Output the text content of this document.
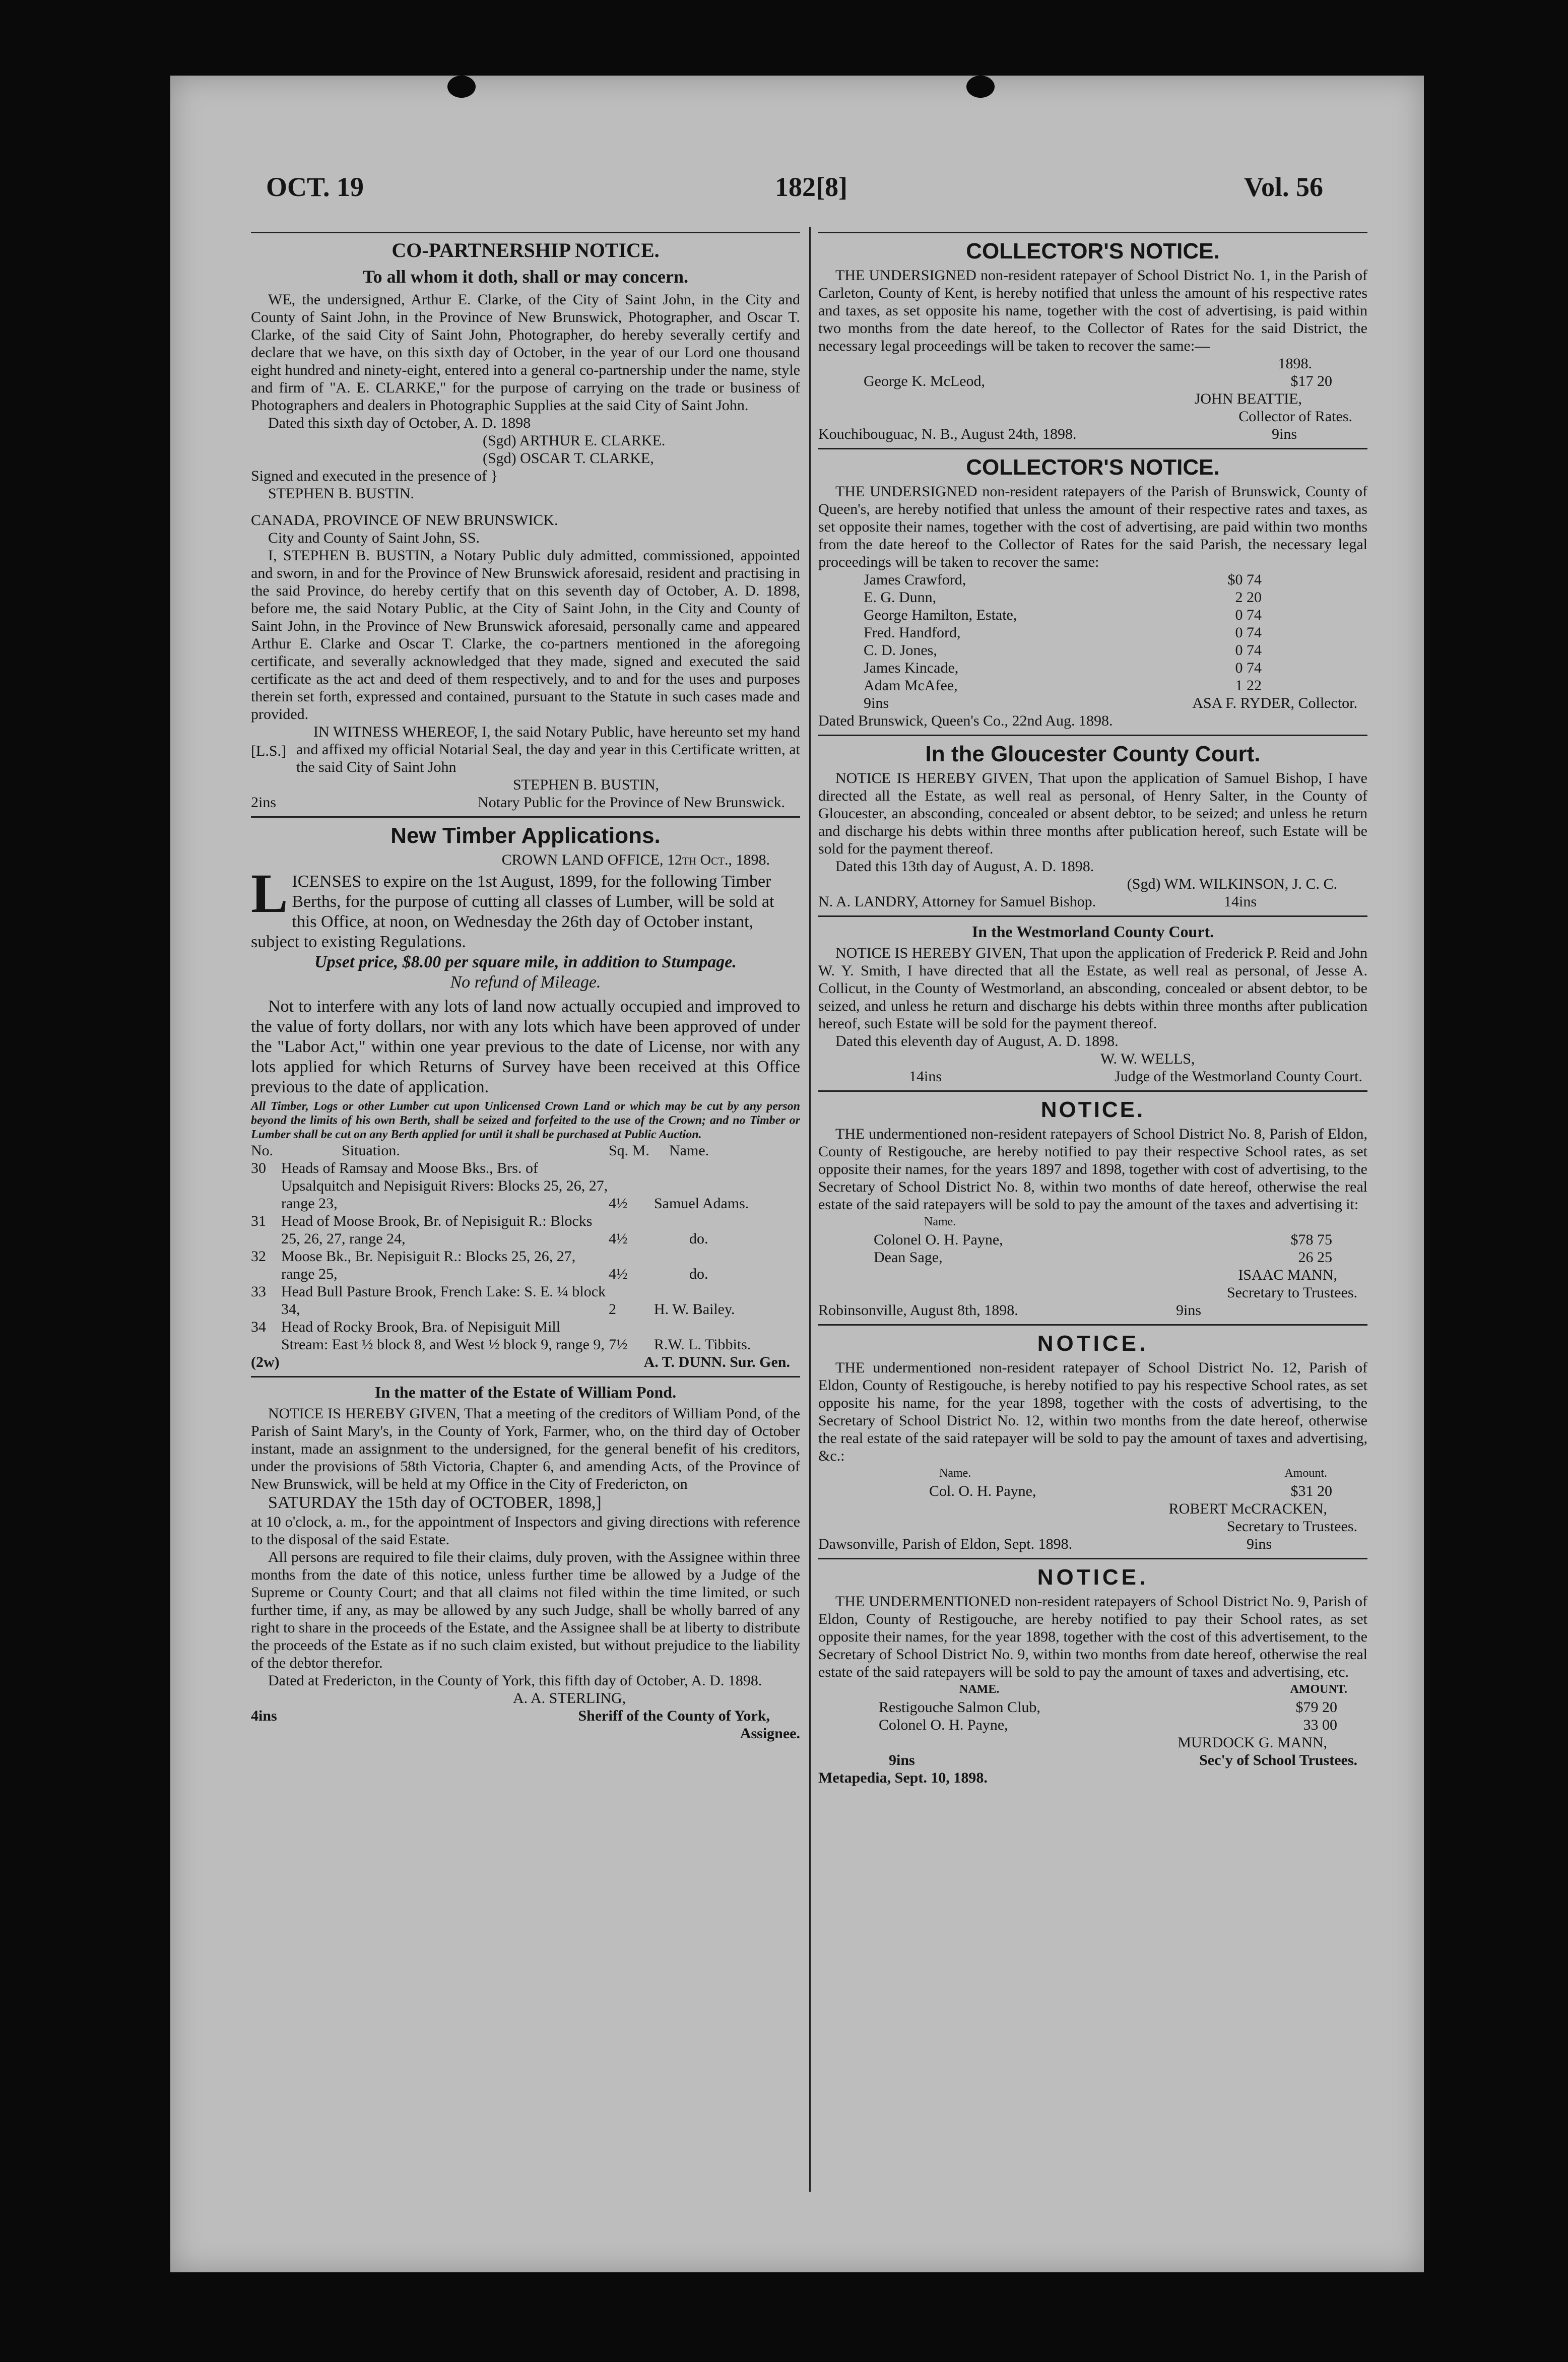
OCT. 19	182[8]	Vol. 56
CO-PARTNERSHIP NOTICE.
To all whom it doth, shall or may concern.

WE, the undersigned, Arthur E. Clarke, of the City of Saint John, in the City and County of Saint John, in the Province of New Brunswick, Photographer, and Oscar T. Clarke, of the said City of Saint John, Photographer, do hereby severally certify and declare that we have, on this sixth day of October, in the year of our Lord one thousand eight hundred and ninety-eight, entered into a general co-partnership under the name, style and firm of "A. E. CLARKE," for the purpose of carrying on the trade or business of Photographers and dealers in Photographic Supplies at the said City of Saint John.

Dated this sixth day of October, A. D. 1898

(Sgd) ARTHUR E. CLARKE.

(Sgd) OSCAR T. CLARKE,

Signed and executed in the presence of }

STEPHEN B. BUSTIN.

CANADA, PROVINCE OF NEW BRUNSWICK.

City and County of Saint John, SS.

I, STEPHEN B. BUSTIN, a Notary Public duly admitted, commissioned, appointed and sworn, in and for the Province of New Brunswick aforesaid, resident and practising in the said Province, do hereby certify that on this seventh day of October, A. D. 1898, before me, the said Notary Public, at the City of Saint John, in the City and County of Saint John, in the Province of New Brunswick aforesaid, personally came and appeared Arthur E. Clarke and Oscar T. Clarke, the co-partners mentioned in the aforegoing certificate, and severally acknowledged that they made, signed and executed the said certificate as the act and deed of them respectively, and to and for the uses and purposes therein set forth, expressed and contained, pursuant to the Statute in such cases made and provided.

[L.S.]

IN WITNESS WHEREOF, I, the said Notary Public, have hereunto set my hand and affixed my official Notarial Seal, the day and year in this Certificate written, at the said City of Saint John

STEPHEN B. BUSTIN,

2ins	Notary Public for the Province of New Brunswick.
New Timber Applications.

CROWN LAND OFFICE, 12th Oct., 1898.

L ICENSES to expire on the 1st August, 1899, for the following Timber Berths, for the purpose of cutting all classes of Lumber, will be sold at this Office, at noon, on Wednesday the 26th day of October instant, subject to existing Regulations.

Upset price, $8.00 per square mile, in addition to Stumpage.

No refund of Mileage.

Not to interfere with any lots of land now actually occupied and improved to the value of forty dollars, nor with any lots which have been approved of under the "Labor Act," within one year previous to the date of License, nor with any lots applied for which Returns of Survey have been received at this Office previous to the date of application.

All Timber, Logs or other Lumber cut upon Unlicensed Crown Land or which may be cut by any person beyond the limits of his own Berth, shall be seized and forfeited to the use of the Crown; and no Timber or Lumber shall be cut on any Berth applied for until it shall be purchased at Public Auction.

No.	Situation.	Sq. M.	Name.
30	Heads of Ramsay and Moose Bks., Brs. of Upsalquitch and Nepisiguit Rivers: Blocks 25, 26, 27, range 23,	4½	Samuel Adams.
31	Head of Moose Brook, Br. of Nepisiguit R.: Blocks 25, 26, 27, range 24,	4½	do.
32	Moose Bk., Br. Nepisiguit R.: Blocks 25, 26, 27, range 25,	4½	do.
33	Head Bull Pasture Brook, French Lake: S. E. ¼ block 34,	2	H. W. Bailey.
34	Head of Rocky Brook, Bra. of Nepisiguit Mill Stream: East ½ block 8, and West ½ block 9, range 9,	7½	R.W. L. Tibbits.
(2w)	A. T. DUNN. Sur. Gen.
In the matter of the Estate of William Pond.

NOTICE IS HEREBY GIVEN, That a meeting of the creditors of William Pond, of the Parish of Saint Mary's, in the County of York, Farmer, who, on the third day of October instant, made an assignment to the undersigned, for the general benefit of his creditors, under the provisions of 58th Victoria, Chapter 6, and amending Acts, of the Province of New Brunswick, will be held at my Office in the City of Fredericton, on

SATURDAY the 15th day of OCTOBER, 1898,]

at 10 o'clock, a. m., for the appointment of Inspectors and giving directions with reference to the disposal of the said Estate.

All persons are required to file their claims, duly proven, with the Assignee within three months from the date of this notice, unless further time be allowed by a Judge of the Supreme or County Court; and that all claims not filed within the time limited, or such further time, if any, as may be allowed by any such Judge, shall be wholly barred of any right to share in the proceeds of the Estate, and the Assignee shall be at liberty to distribute the proceeds of the Estate as if no such claim existed, but without prejudice to the liability of the debtor therefor.

Dated at Fredericton, in the County of York, this fifth day of October, A. D. 1898.

A. A. STERLING,

4ins	Sheriff of the County of York,

Assignee.

COLLECTOR'S NOTICE.

THE UNDERSIGNED non-resident ratepayer of School District No. 1, in the Parish of Carleton, County of Kent, is hereby notified that unless the amount of his respective rates and taxes, as set opposite his name, together with the cost of advertising, is paid within two months from the date hereof, to the Collector of Rates for the said District, the necessary legal proceedings will be taken to recover the same:—

1898.

George K. McLeod,	$17 20

JOHN BEATTIE,

Collector of Rates.

Kouchibouguac, N. B., August 24th, 1898.	9ins
COLLECTOR'S NOTICE.

THE UNDERSIGNED non-resident ratepayers of the Parish of Brunswick, County of Queen's, are hereby notified that unless the amount of their respective rates and taxes, as set opposite their names, together with the cost of advertising, are paid within two months from the date hereof to the Collector of Rates for the said Parish, the necessary legal proceedings will be taken to recover the same:

James Crawford,	$0 74
E. G. Dunn,	2 20
George Hamilton, Estate,	0 74
Fred. Handford,	0 74
C. D. Jones,	0 74
James Kincade,	0 74
Adam McAfee,	1 22
9ins	ASA F. RYDER, Collector.

Dated Brunswick, Queen's Co., 22nd Aug. 1898.

In the Gloucester County Court.

NOTICE IS HEREBY GIVEN, That upon the application of Samuel Bishop, I have directed all the Estate, as well real as personal, of Henry Salter, in the County of Gloucester, an absconding, concealed or absent debtor, to be seized; and unless he return and discharge his debts within three months after publication hereof, such Estate will be sold for the payment thereof.

Dated this 13th day of August, A. D. 1898.

(Sgd) WM. WILKINSON, J. C. C.

N. A. LANDRY, Attorney for Samuel Bishop.	14ins
In the Westmorland County Court.

NOTICE IS HEREBY GIVEN, That upon the application of Frederick P. Reid and John W. Y. Smith, I have directed that all the Estate, as well real as personal, of Jesse A. Collicut, in the County of Westmorland, an absconding, concealed or absent debtor, to be seized, and unless he return and discharge his debts within three months after publication hereof, such Estate will be sold for the payment thereof.

Dated this eleventh day of August, A. D. 1898.

W. W. WELLS,

14ins	Judge of the Westmorland County Court.
NOTICE.

THE undermentioned non-resident ratepayers of School District No. 8, Parish of Eldon, County of Restigouche, are hereby notified to pay their respective School rates, as set opposite their names, for the years 1897 and 1898, together with cost of advertising, to the Secretary of School District No. 8, within two months of date hereof, otherwise the real estate of the said ratepayers will be sold to pay the amount of the taxes and advertising it:

Name.

Colonel O. H. Payne,	$78 75
Dean Sage,	26 25

ISAAC MANN,

Secretary to Trustees.

Robinsonville, August 8th, 1898.	9ins
NOTICE.

THE undermentioned non-resident ratepayer of School District No. 12, Parish of Eldon, County of Restigouche, is hereby notified to pay his respective School rates, as set opposite his name, for the year 1898, together with the costs of advertising, to the Secretary of School District No. 12, within two months from the date hereof, otherwise the real estate of the said ratepayer will be sold to pay the amount of taxes and advertising, &c.:

Name.	Amount.
Col. O. H. Payne,	$31 20

ROBERT McCRACKEN,

Secretary to Trustees.

Dawsonville, Parish of Eldon, Sept. 1898.	9ins
NOTICE.

THE UNDERMENTIONED non-resident ratepayers of School District No. 9, Parish of Eldon, County of Restigouche, are hereby notified to pay their School rates, as set opposite their names, for the year 1898, together with the cost of this advertisement, to the Secretary of School District No. 9, within two months from date hereof, otherwise the real estate of the said ratepayers will be sold to pay the amount of taxes and advertising, etc.

NAME.	AMOUNT.
Restigouche Salmon Club,	$79 20
Colonel O. H. Payne,	33 00

MURDOCK G. MANN,

9ins	Sec'y of School Trustees.

Metapedia, Sept. 10, 1898.
